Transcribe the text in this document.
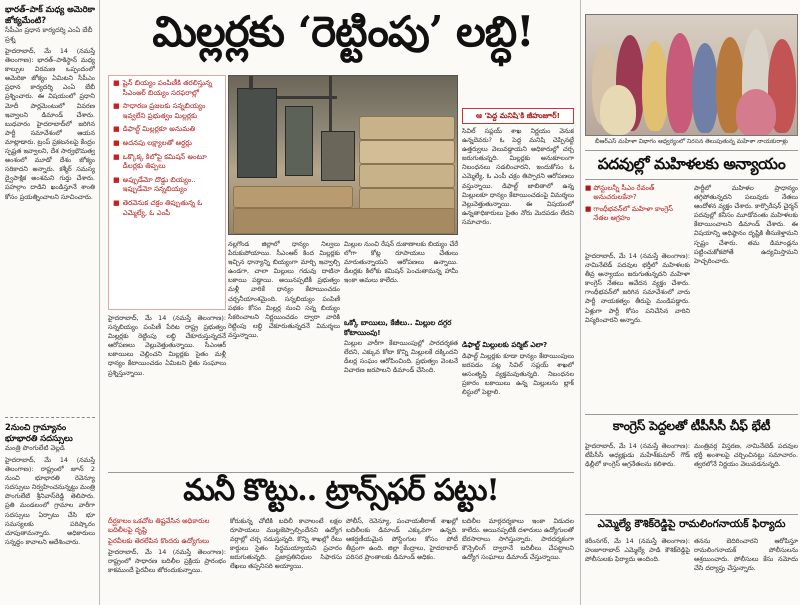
భారత్–పాక్ మధ్య అమెరికా జోక్యమేంటి?
సీపీఎం ప్రధాన కార్యదర్శి ఎంఏ బేబీ ప్రశ్న
హైదరాబాద్, మే 14 (నమస్తే తెలంగాణ): భారత్–పాకిస్థాన్ మధ్య కాల్పుల విరమణ ఒప్పందంలో అమెరికా జోక్యం ఏమిటని సీపీఎం ప్రధాన కార్యదర్శి ఎంఏ బేబీ ప్రశ్నించారు. ఈ విషయంలో ప్రధాని మోదీ పార్లమెంటులో వివరణ ఇవ్వాలని డిమాండ్ చేశారు. బుధవారం హైదరాబాద్‌లో జరిగిన పార్టీ సమావేశంలో ఆయన మాట్లాడారు. ట్రంప్ ప్రకటనలపై కేంద్రం స్పష్టత ఇవ్వాలని, దేశ సార్వభౌమత్వ అంశంలో మూడో దేశం జోక్యం సరికాదని అన్నారు. కశ్మీర్ సమస్య ద్వైపాక్షిక అంశమని గుర్తు చేశారు. పహల్గాం దాడిని ఖండిస్తూనే శాంతి కోసం ప్రయత్నించాలని సూచించారు.
2నుంచి గ్రామ్యానం భూభారతి సదస్సులు
మంత్రి పొంగులేటి వెల్లడి
హైదరాబాద్, మే 14 (నమస్తే తెలంగాణ): రాష్ట్రంలో జూన్ 2 నుంచి భూభారతి రెవెన్యూ సదస్సులు నిర్వహించనున్నట్టు మంత్రి పొంగులేటి శ్రీనివాస్‌రెడ్డి తెలిపారు. ప్రతి మండలంలో గ్రామాల వారీగా సదస్సులు ఏర్పాటు చేసి భూ సమస్యలకు పరిష్కారం చూపుతామన్నారు. అధికారులు సన్నద్ధం కావాలని ఆదేశించారు.
మిల్లర్లకు ‘రెట్టింపు’ లబ్ధి!
■ షైన్ బియ్యం పంపిణీకి తరలిస్తున్న సీఎంఆర్ బియ్యం సరఫరాల్లో
■ సాధారణ ప్రజలకు సన్నబియ్యం ఇవ్వలేని ప్రభుత్వం మిల్లర్లకు
■ డిఫాల్ట్ మిల్లర్లకూ అనుమతి
■ అదనపు లక్ష్యాలతో ఆర్డర్లు
■ ఒక్కొక్క కిలోపై కమిషన్ అంటూ డీలర్లకు తిప్పలు
■ అప్పుడేమో దొడ్డు బియ్యం.. ఇప్పుడేమో సన్నబియ్యం
■ తెరవెనుక చక్రం తిప్పుతున్న ఓ ఎమ్మెల్యే, ఓ ఎంపీ
ఆ 'పెద్ద మనిషి'కి జీహుజూర్!
సివిల్ సప్లయ్ శాఖ నిర్ణయం వెనుక ఉన్నదెవరు? ఓ పెద్ద మనిషి చెప్పినట్టే ఉత్తర్వులు వెలువడ్డాయని అధికారుల్లో చర్చ జరుగుతున్నది. మిల్లర్లకు అనుకూలంగా నిబంధనలు సడలించారని, ఇందుకోసం ఓ ఎమ్మెల్యే, ఓ ఎంపీ చక్రం తిప్పారని ఆరోపణలు వస్తున్నాయి. డిఫాల్ట్ జాబితాలో ఉన్న మిల్లులకూ ధాన్యం కేటాయించడంపై విమర్శలు వెల్లువెత్తుతున్నాయి. ఈ విషయంలో ఉన్నతాధికారులు సైతం నోరు మెదపడం లేదని సమాచారం.
హైదరాబాద్, మే 14 (నమస్తే తెలంగాణ): సన్నబియ్యం పంపిణీ పేరిట రాష్ట్ర ప్రభుత్వం మిల్లర్లకు రెట్టింపు లబ్ధి చేకూరుస్తున్నదనే ఆరోపణలు వెల్లువెత్తుతున్నాయి. సీఎంఆర్ బకాయిలు చెల్లించని మిల్లర్లకు సైతం మళ్లీ ధాన్యం కేటాయించడం ఏమిటని రైతు సంఘాలు ప్రశ్నిస్తున్నాయి.
నల్లగొండ జిల్లాలో ధాన్యం నిల్వలు పేరుకుపోయాయి. సీఎంఆర్ కింద మిల్లర్లకు ఇచ్చిన ధాన్యాన్ని బియ్యంగా మార్చి ఇవ్వాల్సి ఉండగా, చాలా మిల్లులు గడువు దాటినా బకాయి పడ్డాయి. అయినప్పటికీ ప్రభుత్వం మళ్లీ వారికే ధాన్యం కేటాయించడం చర్చనీయాంశమైంది. సన్నబియ్యం పంపిణీ పథకం కోసం మిల్లర్ల నుంచి సన్న బియ్యం సేకరించాలని నిర్ణయించడం ద్వారా వారికి రెట్టింపు లబ్ధి చేకూరుతున్నదనే విమర్శలు వస్తున్నాయి.
మిల్లుల నుంచి రేషన్ దుకాణాలకు బియ్యం చేరే లోగా కోట్ల రూపాయలు చేతులు మారుతున్నాయని ఆరోపణలు ఉన్నాయి. డీలర్లకు కిలోకు కమిషన్ పెంచుతామన్న హామీ ఇంకా అమలు కాలేదు.
ఒక్కో బాయిలు, కేజీలు.. మిల్లుల దగ్గర కోటాయింపు!
మిల్లుల వారీగా కేటాయింపుల్లో పారదర్శకత లేదని, ఎక్కువ కోటా కొన్ని మిల్లులకే దక్కిందని డీలర్ల సంఘం ఆరోపించింది. ప్రభుత్వం వెంటనే విచారణ జరపాలని డిమాండ్ చేసింది.
డిఫాల్ట్ మిల్లులకు పర్మిట్ ఎలా?
డిఫాల్ట్ మిల్లర్లకు కూడా ధాన్యం కేటాయింపులు జరపడం పట్ల సివిల్ సప్లయ్ శాఖలో అసంతృప్తి వ్యక్తమవుతున్నది. నిబంధనల ప్రకారం బకాయిలు ఉన్న మిల్లులను బ్లాక్ లిస్టులో పెట్టాలి.
మనీ కొట్టు.. ట్రాన్స్‌ఫర్ పట్టు!
దీర్ఘకాలం ఒకచోట తిష్టవేసిన అధికారుల బదిలీలపై దృష్టి
పైరవీలకు తెరలేపిన కొందరు ఉద్యోగులు
హైదరాబాద్, మే 14 (నమస్తే తెలంగాణ): రాష్ట్రంలో సాధారణ బదిలీల ప్రక్రియ ప్రారంభం కాకముందే పైరవీలు జోరందుకున్నాయి.
కోరుకున్న చోటికి బదిలీ కావాలంటే లక్షల రూపాయలు ముట్టజెప్పాల్సిందేనని ఉద్యోగ వర్గాల్లో చర్చ నడుస్తున్నది. కొన్ని శాఖల్లో రేటు కార్డులు సైతం సిద్ధమయ్యాయని ప్రచారం జరుగుతున్నది. ప్రజాప్రతినిధుల సిఫారసు లేఖలు తప్పనిసరి అయ్యాయి.
పోలీస్, రెవెన్యూ, పంచాయతీరాజ్ శాఖల్లో బదిలీలకు డిమాండ్ ఎక్కువగా ఉన్నది. ఆకర్షణీయమైన పోస్టింగుల కోసం పోటీ తీవ్రంగా ఉంది. జిల్లా కేంద్రాలు, హైదరాబాద్ పరిసర ప్రాంతాలకు డిమాండ్ అధికం.
బదిలీల మార్గదర్శకాలు ఇంకా విడుదల కాలేదు. అయినప్పటికీ దళారులు ఉద్యోగులతో బేరసారాలు సాగిస్తున్నారు. పారదర్శకంగా కౌన్సెలింగ్ ద్వారానే బదిలీలు చేపట్టాలని ఉద్యోగ సంఘాలు డిమాండ్ చేస్తున్నాయి.
బీఆర్‌ఎస్ మహిళా విభాగం ఆధ్వర్యంలో నిరసన తెలుపుతున్న మహిళా నాయకురాళ్లు
పదవుల్లో మహిళలకు అన్యాయం
■ పోస్టులన్నీ సీఎం రేవంత్ అనుచరులకేనా?
■ గాంధీభవన్‌లో మహిళా కాంగ్రెస్ నేతల ఆగ్రహం
హైదరాబాద్, మే 14 (నమస్తే తెలంగాణ): నామినేటెడ్ పదవుల భర్తీలో మహిళలకు తీవ్ర అన్యాయం జరుగుతున్నదని మహిళా కాంగ్రెస్ నేతలు ఆవేదన వ్యక్తం చేశారు. గాంధీభవన్‌లో జరిగిన సమావేశంలో వారు పార్టీ నాయకత్వం తీరుపై మండిపడ్డారు. ఏళ్లుగా పార్టీ కోసం పనిచేసిన వారిని విస్మరించారని అన్నారు.
పార్టీలో మహిళల ప్రాధాన్యం తగ్గిపోతున్నదని పలువురు నేతలు ఆందోళన వ్యక్తం చేశారు. కార్పొరేషన్ చైర్మన్ పదవుల్లో కనీసం మూడోవంతు మహిళలకు కేటాయించాలని డిమాండ్ చేశారు. ఈ విషయాన్ని అధిష్ఠానం దృష్టికి తీసుకెళ్తామని స్పష్టం చేశారు. తమ డిమాండ్లను పట్టించుకోకపోతే ఉద్యమిస్తామని హెచ్చరించారు.
కాంగ్రెస్ పెద్దలతో టీపీసీసీ చీఫ్ భేటీ
హైదరాబాద్, మే 14 (నమస్తే తెలంగాణ): టీపీసీసీ అధ్యక్షుడు మహేశ్‌కుమార్ గౌడ్ ఢిల్లీలో కాంగ్రెస్ అగ్రనేతలను కలిశారు.
మంత్రివర్గ విస్తరణ, నామినేటెడ్ పదవుల భర్తీ అంశాలపై చర్చించినట్టు సమాచారం. త్వరలోనే నిర్ణయం వెలువడనున్నది.
ఎమ్మెల్యే కౌశిక్‌రెడ్డిపై రామలింగనాయక్ ఫిర్యాదు
కరీంనగర్, మే 14 (నమస్తే తెలంగాణ): హుజూరాబాద్ ఎమ్మెల్యే పాడి కౌశిక్‌రెడ్డిపై పోలీసులకు ఫిర్యాదు అందింది.
తనను బెదిరించారని ఆరోపిస్తూ రామలింగనాయక్ పోలీసులను ఆశ్రయించారు. పోలీసులు కేసు నమోదు చేసి దర్యాప్తు చేస్తున్నారు.
